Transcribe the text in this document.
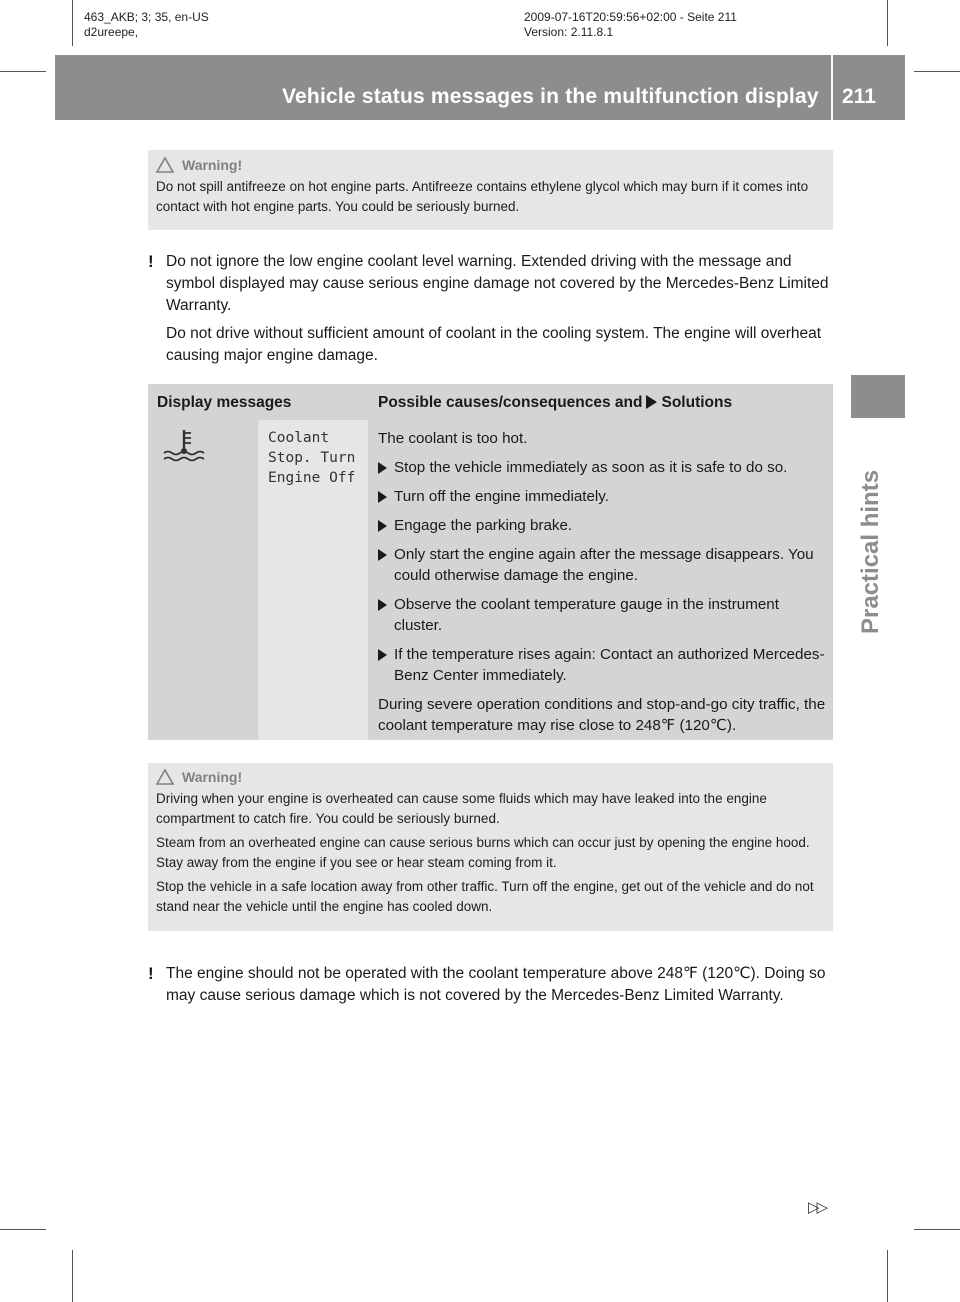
463_AKB; 3; 35, en-US
d2ureepe,
2009-07-16T20:59:56+02:00 - Seite 211
Version: 2.11.8.1
Vehicle status messages in the multifunction display 211
Practical hints
Warning!

Do not spill antifreeze on hot engine parts. Antifreeze contains ethylene glycol which may burn if it comes into contact with hot engine parts. You could be seriously burned.

! Do not ignore the low engine coolant level warning. Extended driving with the message and symbol displayed may cause serious engine damage not covered by the Mercedes-Benz Limited Warranty.

Do not drive without sufficient amount of coolant in the cooling system. The engine will overheat causing major engine damage.

Display messages	Possible causes/consequences and Solutions
Coolant
Stop. Turn
Engine Off

The coolant is too hot.

Stop the vehicle immediately as soon as it is safe to do so.
Turn off the engine immediately.
Engage the parking brake.
Only start the engine again after the message disappears. You could otherwise damage the engine.
Observe the coolant temperature gauge in the instrument cluster.
If the temperature rises again: Contact an authorized Mercedes-Benz Center immediately.

During severe operation conditions and stop-and-go city traffic, the coolant temperature may rise close to 248℉ (120℃).

Warning!

Driving when your engine is overheated can cause some fluids which may have leaked into the engine compartment to catch fire. You could be seriously burned.

Steam from an overheated engine can cause serious burns which can occur just by opening the engine hood. Stay away from the engine if you see or hear steam coming from it.

Stop the vehicle in a safe location away from other traffic. Turn off the engine, get out of the vehicle and do not stand near the vehicle until the engine has cooled down.

! The engine should not be operated with the coolant temperature above 248℉ (120℃). Doing so may cause serious damage which is not covered by the Mercedes-Benz Limited Warranty.

▷▷
